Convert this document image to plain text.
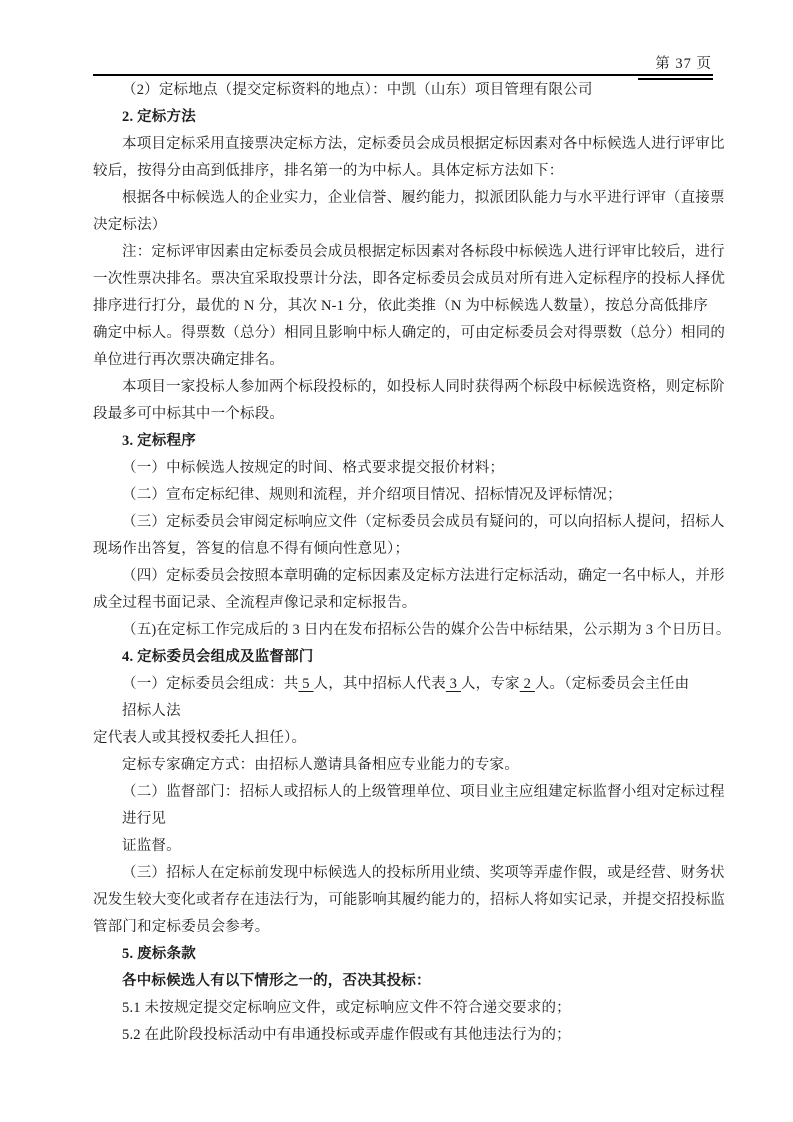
第 37 页
（2）定标地点（提交定标资料的地点）：中凯（山东）项目管理有限公司
2. 定标方法
本项目定标采用直接票决定标方法，定标委员会成员根据定标因素对各中标候选人进行评审比
较后，按得分由高到低排序，排名第一的为中标人。具体定标方法如下：
根据各中标候选人的企业实力，企业信誉、履约能力，拟派团队能力与水平进行评审（直接票
决定标法）
注：定标评审因素由定标委员会成员根据定标因素对各标段中标候选人进行评审比较后，进行
一次性票决排名。票决宜采取投票计分法，即各定标委员会成员对所有进入定标程序的投标人择优
排序进行打分，最优的 N 分，其次 N-1 分，依此类推（N 为中标候选人数量），按总分高低排序
确定中标人。得票数（总分）相同且影响中标人确定的，可由定标委员会对得票数（总分）相同的
单位进行再次票决确定排名。
本项目一家投标人参加两个标段投标的，如投标人同时获得两个标段中标候选资格，则定标阶
段最多可中标其中一个标段。
3. 定标程序
（一）中标候选人按规定的时间、格式要求提交报价材料；
（二）宣布定标纪律、规则和流程，并介绍项目情况、招标情况及评标情况；
（三）定标委员会审阅定标响应文件（定标委员会成员有疑问的，可以向招标人提问，招标人
现场作出答复，答复的信息不得有倾向性意见）；
（四）定标委员会按照本章明确的定标因素及定标方法进行定标活动，确定一名中标人，并形
成全过程书面记录、全流程声像记录和定标报告。
（五)在定标工作完成后的 3 日内在发布招标公告的媒介公告中标结果，公示期为 3 个日历日。
4. 定标委员会组成及监督部门
（一）定标委员会组成：共 5 人，其中招标人代表 3 人，专家 2 人。（定标委员会主任由
招标人法
定代表人或其授权委托人担任）。
定标专家确定方式：由招标人邀请具备相应专业能力的专家。
（二）监督部门：招标人或招标人的上级管理单位、项目业主应组建定标监督小组对定标过程
进行见
证监督。
（三）招标人在定标前发现中标候选人的投标所用业绩、奖项等弄虚作假，或是经营、财务状
况发生较大变化或者存在违法行为，可能影响其履约能力的，招标人将如实记录，并提交招投标监
管部门和定标委员会参考。
5. 废标条款
各中标候选人有以下情形之一的，否决其投标：
5.1 未按规定提交定标响应文件，或定标响应文件不符合递交要求的；
5.2 在此阶段投标活动中有串通投标或弄虚作假或有其他违法行为的；
